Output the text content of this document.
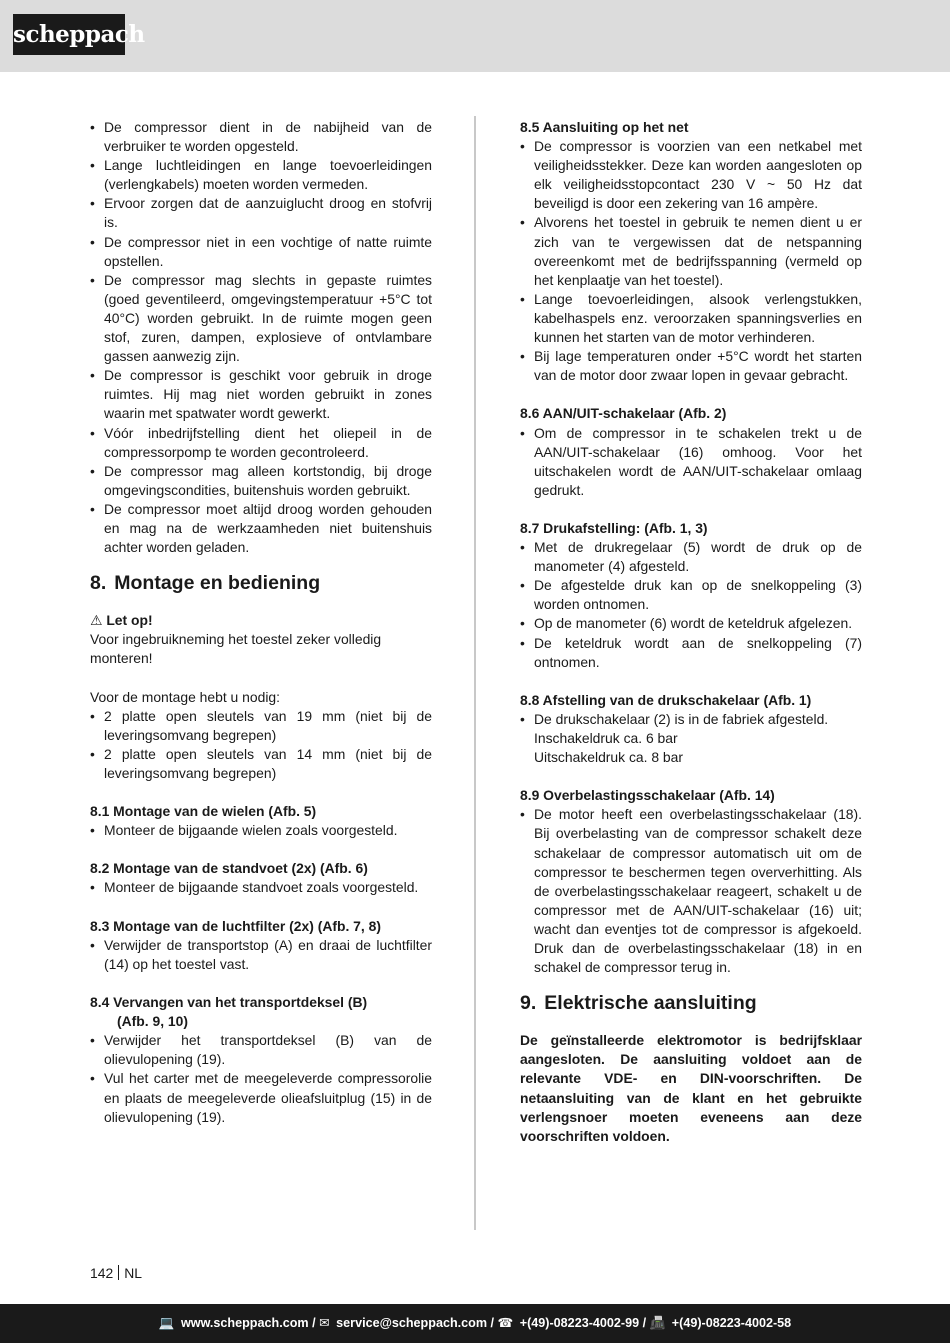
scheppach
• De compressor dient in de nabijheid van de verbruiker te worden opgesteld.
• Lange luchtleidingen en lange toevoerleidingen (verlengkabels) moeten worden vermeden.
• Ervoor zorgen dat de aanzuiglucht droog en stofvrij is.
• De compressor niet in een vochtige of natte ruimte opstellen.
• De compressor mag slechts in gepaste ruimtes (goed geventileerd, omgevingstemperatuur +5°C tot 40°C) worden gebruikt. In de ruimte mogen geen stof, zuren, dampen, explosieve of ontvlambare gassen aanwezig zijn.
• De compressor is geschikt voor gebruik in droge ruimtes. Hij mag niet worden gebruikt in zones waarin met spatwater wordt gewerkt.
• Vóór inbedrijfstelling dient het oliepeil in de compressorpomp te worden gecontroleerd.
• De compressor mag alleen kortstondig, bij droge omgevingscondities, buitenshuis worden gebruikt.
• De compressor moet altijd droog worden gehouden en mag na de werkzaamheden niet buitenshuis achter worden geladen.
8. Montage en bediening

⚠ Let op!

Voor ingebruikneming het toestel zeker volledig monteren!

Voor de montage hebt u nodig:

• 2 platte open sleutels van 19 mm (niet bij de leveringsomvang begrepen)
• 2 platte open sleutels van 14 mm (niet bij de leveringsomvang begrepen)

8.1 Montage van de wielen (Afb. 5)

• Monteer de bijgaande wielen zoals voorgesteld.

8.2 Montage van de standvoet (2x) (Afb. 6)

• Monteer de bijgaande standvoet zoals voorgesteld.

8.3 Montage van de luchtfilter (2x) (Afb. 7, 8)

• Verwijder de transportstop (A) en draai de luchtfilter (14) op het toestel vast.

8.4 Vervangen van het transportdeksel (B)

(Afb. 9, 10)

• Verwijder het transportdeksel (B) van de olievulopening (19).
• Vul het carter met de meegeleverde compressorolie en plaats de meegeleverde olieafsluitplug (15) in de olievulopening (19).

8.5 Aansluiting op het net

• De compressor is voorzien van een netkabel met veiligheidsstekker. Deze kan worden aangesloten op elk veiligheidsstopcontact 230 V ~ 50 Hz dat beveiligd is door een zekering van 16 ampère.
• Alvorens het toestel in gebruik te nemen dient u er zich van te vergewissen dat de netspanning overeenkomt met de bedrijfsspanning (vermeld op het kenplaatje van het toestel).
• Lange toevoerleidingen, alsook verlengstukken, kabelhaspels enz. veroorzaken spanningsverlies en kunnen het starten van de motor verhinderen.
• Bij lage temperaturen onder +5°C wordt het starten van de motor door zwaar lopen in gevaar gebracht.

8.6 AAN/UIT-schakelaar (Afb. 2)

• Om de compressor in te schakelen trekt u de AAN/UIT-schakelaar (16) omhoog. Voor het uitschakelen wordt de AAN/UIT-schakelaar omlaag gedrukt.

8.7 Drukafstelling: (Afb. 1, 3)

• Met de drukregelaar (5) wordt de druk op de manometer (4) afgesteld.
• De afgestelde druk kan op de snelkoppeling (3) worden ontnomen.
• Op de manometer (6) wordt de keteldruk afgelezen.
• De keteldruk wordt aan de snelkoppeling (7) ontnomen.

8.8 Afstelling van de drukschakelaar (Afb. 1)

• De drukschakelaar (2) is in de fabriek afgesteld.

Inschakeldruk ca. 6 bar

Uitschakeldruk ca. 8 bar

8.9 Overbelastingsschakelaar (Afb. 14)

• De motor heeft een overbelastingsschakelaar (18). Bij overbelasting van de compressor schakelt deze schakelaar de compressor automatisch uit om de compressor te beschermen tegen oververhitting. Als de overbelastingsschakelaar reageert, schakelt u de compressor met de AAN/UIT-schakelaar (16) uit; wacht dan eventjes tot de compressor is afgekoeld. Druk dan de overbelastingsschakelaar (18) in en schakel de compressor terug in.
9. Elektrische aansluiting

De geïnstalleerde elektromotor is bedrijfsklaar aangesloten. De aansluiting voldoet aan de relevante VDE- en DIN-voorschriften. De netaansluiting van de klant en het gebruikte verlengsnoer moeten eveneens aan deze voorschriften voldoen.

142 NL
💻 www.scheppach.com / ✉ service@scheppach.com / ☎ +(49)-08223-4002-99 / 📠 +(49)-08223-4002-58
